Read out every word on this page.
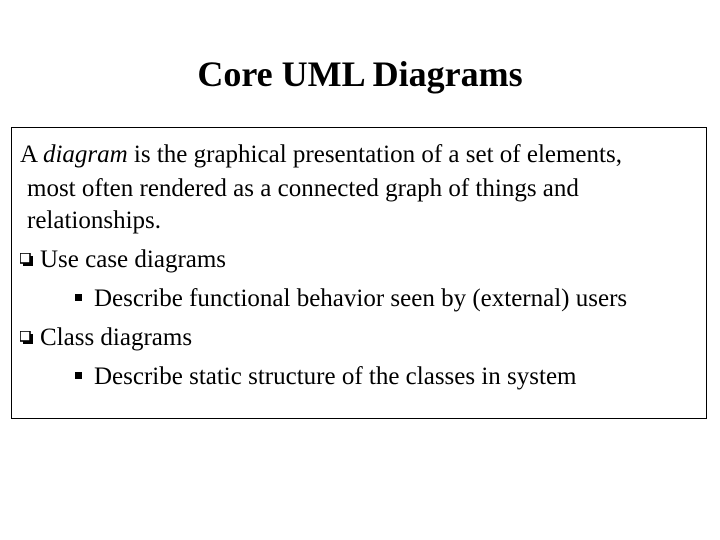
Core UML Diagrams
A diagram is the graphical presentation of a set of elements,
most often rendered as a connected graph of things and
relationships.
Use case diagrams
Describe functional behavior seen by (external) users
Class diagrams
Describe static structure of the classes in system
